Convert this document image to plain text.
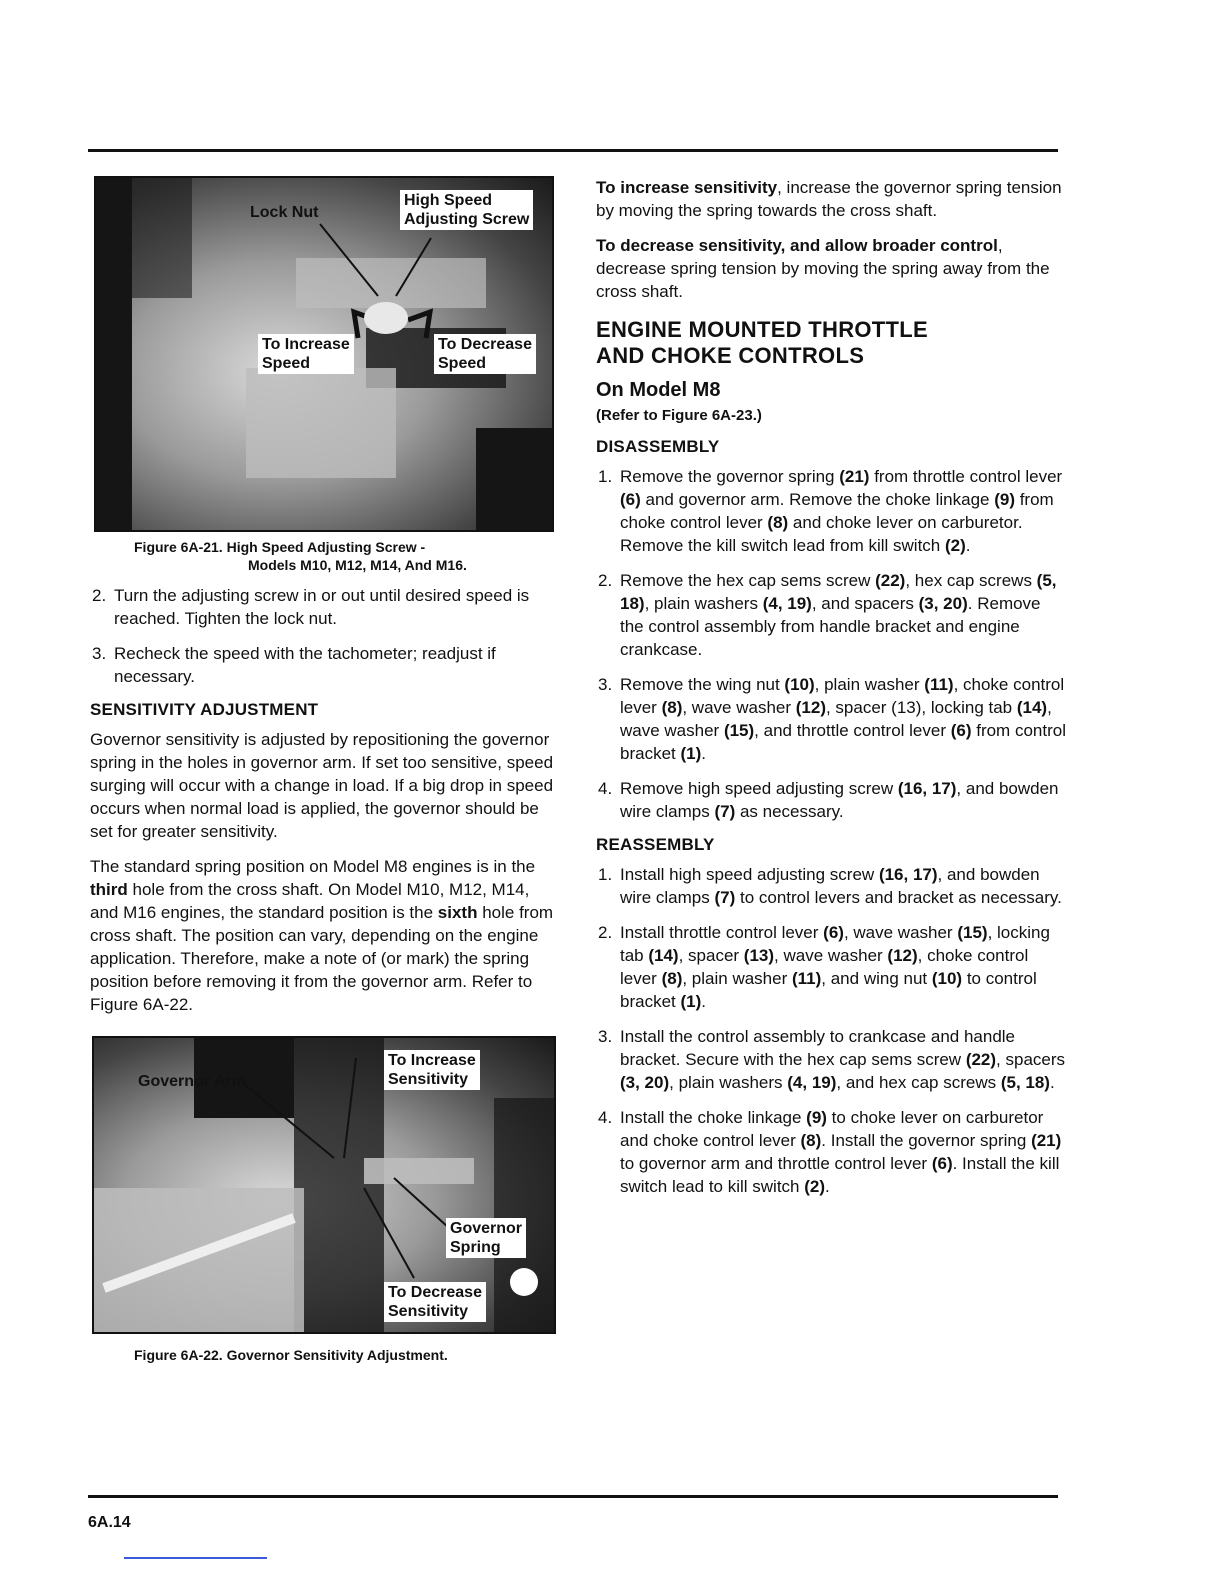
Lock Nut
High Speed
Adjusting Screw
To Increase
Speed
To Decrease
Speed

Figure 6A-21. High Speed Adjusting Screw -
Models M10, M12, M14, And M16.

2. Turn the adjusting screw in or out until desired speed is reached. Tighten the lock nut.
3. Recheck the speed with the tachometer; readjust if necessary.
SENSITIVITY ADJUSTMENT

Governor sensitivity is adjusted by repositioning the governor spring in the holes in governor arm. If set too sensitive, speed surging will occur with a change in load. If a big drop in speed occurs when normal load is applied, the governor should be set for greater sensitivity.

The standard spring position on Model M8 engines is in the third hole from the cross shaft. On Model M10, M12, M14, and M16 engines, the standard position is the sixth hole from cross shaft. The position can vary, depending on the engine application. Therefore, make a note of (or mark) the spring position before removing it from the governor arm. Refer to Figure 6A-22.

Governor Arm
To Increase
Sensitivity
Governor
Spring
To Decrease
Sensitivity

Figure 6A-22. Governor Sensitivity Adjustment.

To increase sensitivity, increase the governor spring tension by moving the spring towards the cross shaft.

To decrease sensitivity, and allow broader control, decrease spring tension by moving the spring away from the cross shaft.

ENGINE MOUNTED THROTTLE
AND CHOKE CONTROLS
On Model M8

(Refer to Figure 6A-23.)

DISASSEMBLY
1. Remove the governor spring (21) from throttle control lever (6) and governor arm. Remove the choke linkage (9) from choke control lever (8) and choke lever on carburetor. Remove the kill switch lead from kill switch (2).
2. Remove the hex cap sems screw (22), hex cap screws (5, 18), plain washers (4, 19), and spacers (3, 20). Remove the control assembly from handle bracket and engine crankcase.
3. Remove the wing nut (10), plain washer (11), choke control lever (8), wave washer (12), spacer (13), locking tab (14), wave washer (15), and throttle control lever (6) from control bracket (1).
4. Remove high speed adjusting screw (16, 17), and bowden wire clamps (7) as necessary.
REASSEMBLY
1. Install high speed adjusting screw (16, 17), and bowden wire clamps (7) to control levers and bracket as necessary.
2. Install throttle control lever (6), wave washer (15), locking tab (14), spacer (13), wave washer (12), choke control lever (8), plain washer (11), and wing nut (10) to control bracket (1).
3. Install the control assembly to crankcase and handle bracket. Secure with the hex cap sems screw (22), spacers (3, 20), plain washers (4, 19), and hex cap screws (5, 18).
4. Install the choke linkage (9) to choke lever on carburetor and choke control lever (8). Install the governor spring (21) to governor arm and throttle control lever (6). Install the kill switch lead to kill switch (2).
6A.14
